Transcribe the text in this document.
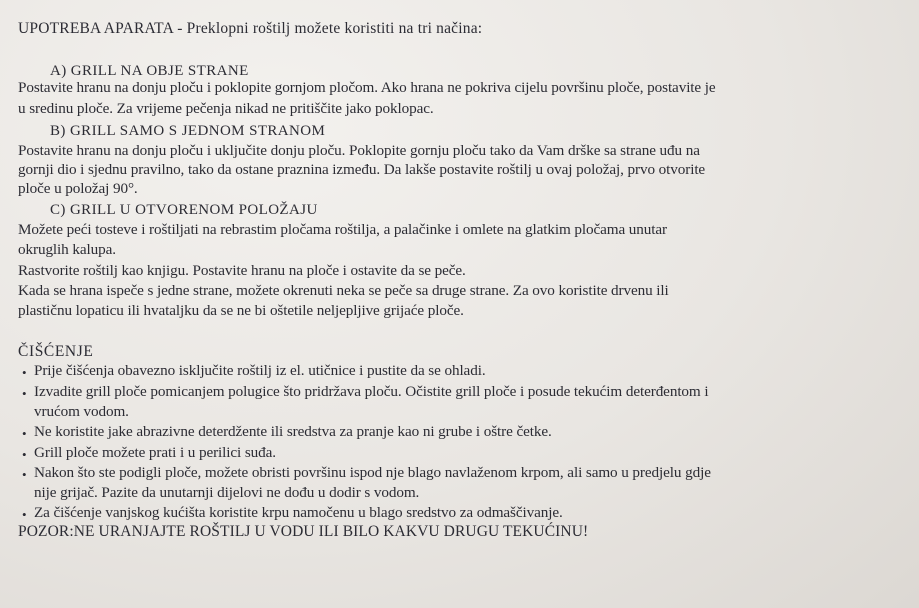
UPOTREBA APARATA - Preklopni roštilj možete koristiti na tri načina:
A) GRILL NA OBJE STRANE
Postavite hranu na donju ploču i poklopite gornjom pločom. Ako hrana ne pokriva cijelu površinu ploče, postavite je
u sredinu ploče. Za vrijeme pečenja nikad ne pritiščite jako poklopac.
B) GRILL SAMO S JEDNOM STRANOM
Postavite hranu na donju ploču i uključite donju ploču. Poklopite gornju ploču tako da Vam drške sa strane uđu na
gornji dio i sjednu pravilno, tako da ostane praznina između. Da lakše postavite roštilj u ovaj položaj, prvo otvorite
ploče u položaj 90°.
C) GRILL U OTVORENOM POLOŽAJU
Možete peći tosteve i roštiljati na rebrastim pločama roštilja, a palačinke i omlete na glatkim pločama unutar
okruglih kalupa.
Rastvorite roštilj kao knjigu. Postavite hranu na ploče i ostavite da se peče.
Kada se hrana ispeče s jedne strane, možete okrenuti neka se peče sa druge strane. Za ovo koristite drvenu ili
plastičnu lopaticu ili hvataljku da se ne bi oštetile neljepljive grijaće ploče.
ČIŠĆENJE
• Prije čišćenja obavezno isključite roštilj iz el. utičnice i pustite da se ohladi.
• Izvadite grill ploče pomicanjem polugice što pridržava ploču. Očistite grill ploče i posude tekućim deterđentom i
vrućom vodom.
• Ne koristite jake abrazivne deterdžente ili sredstva za pranje kao ni grube i oštre četke.
• Grill ploče možete prati i u perilici suđa.
• Nakon što ste podigli ploče, možete obristi površinu ispod nje blago navlaženom krpom, ali samo u predjelu gdje
nije grijač. Pazite da unutarnji dijelovi ne dođu u dodir s vodom.
• Za čišćenje vanjskog kućišta koristite krpu namočenu u blago sredstvo za odmaščivanje.
POZOR:NE URANJAJTE ROŠTILJ U VODU ILI BILO KAKVU DRUGU TEKUĆINU!
